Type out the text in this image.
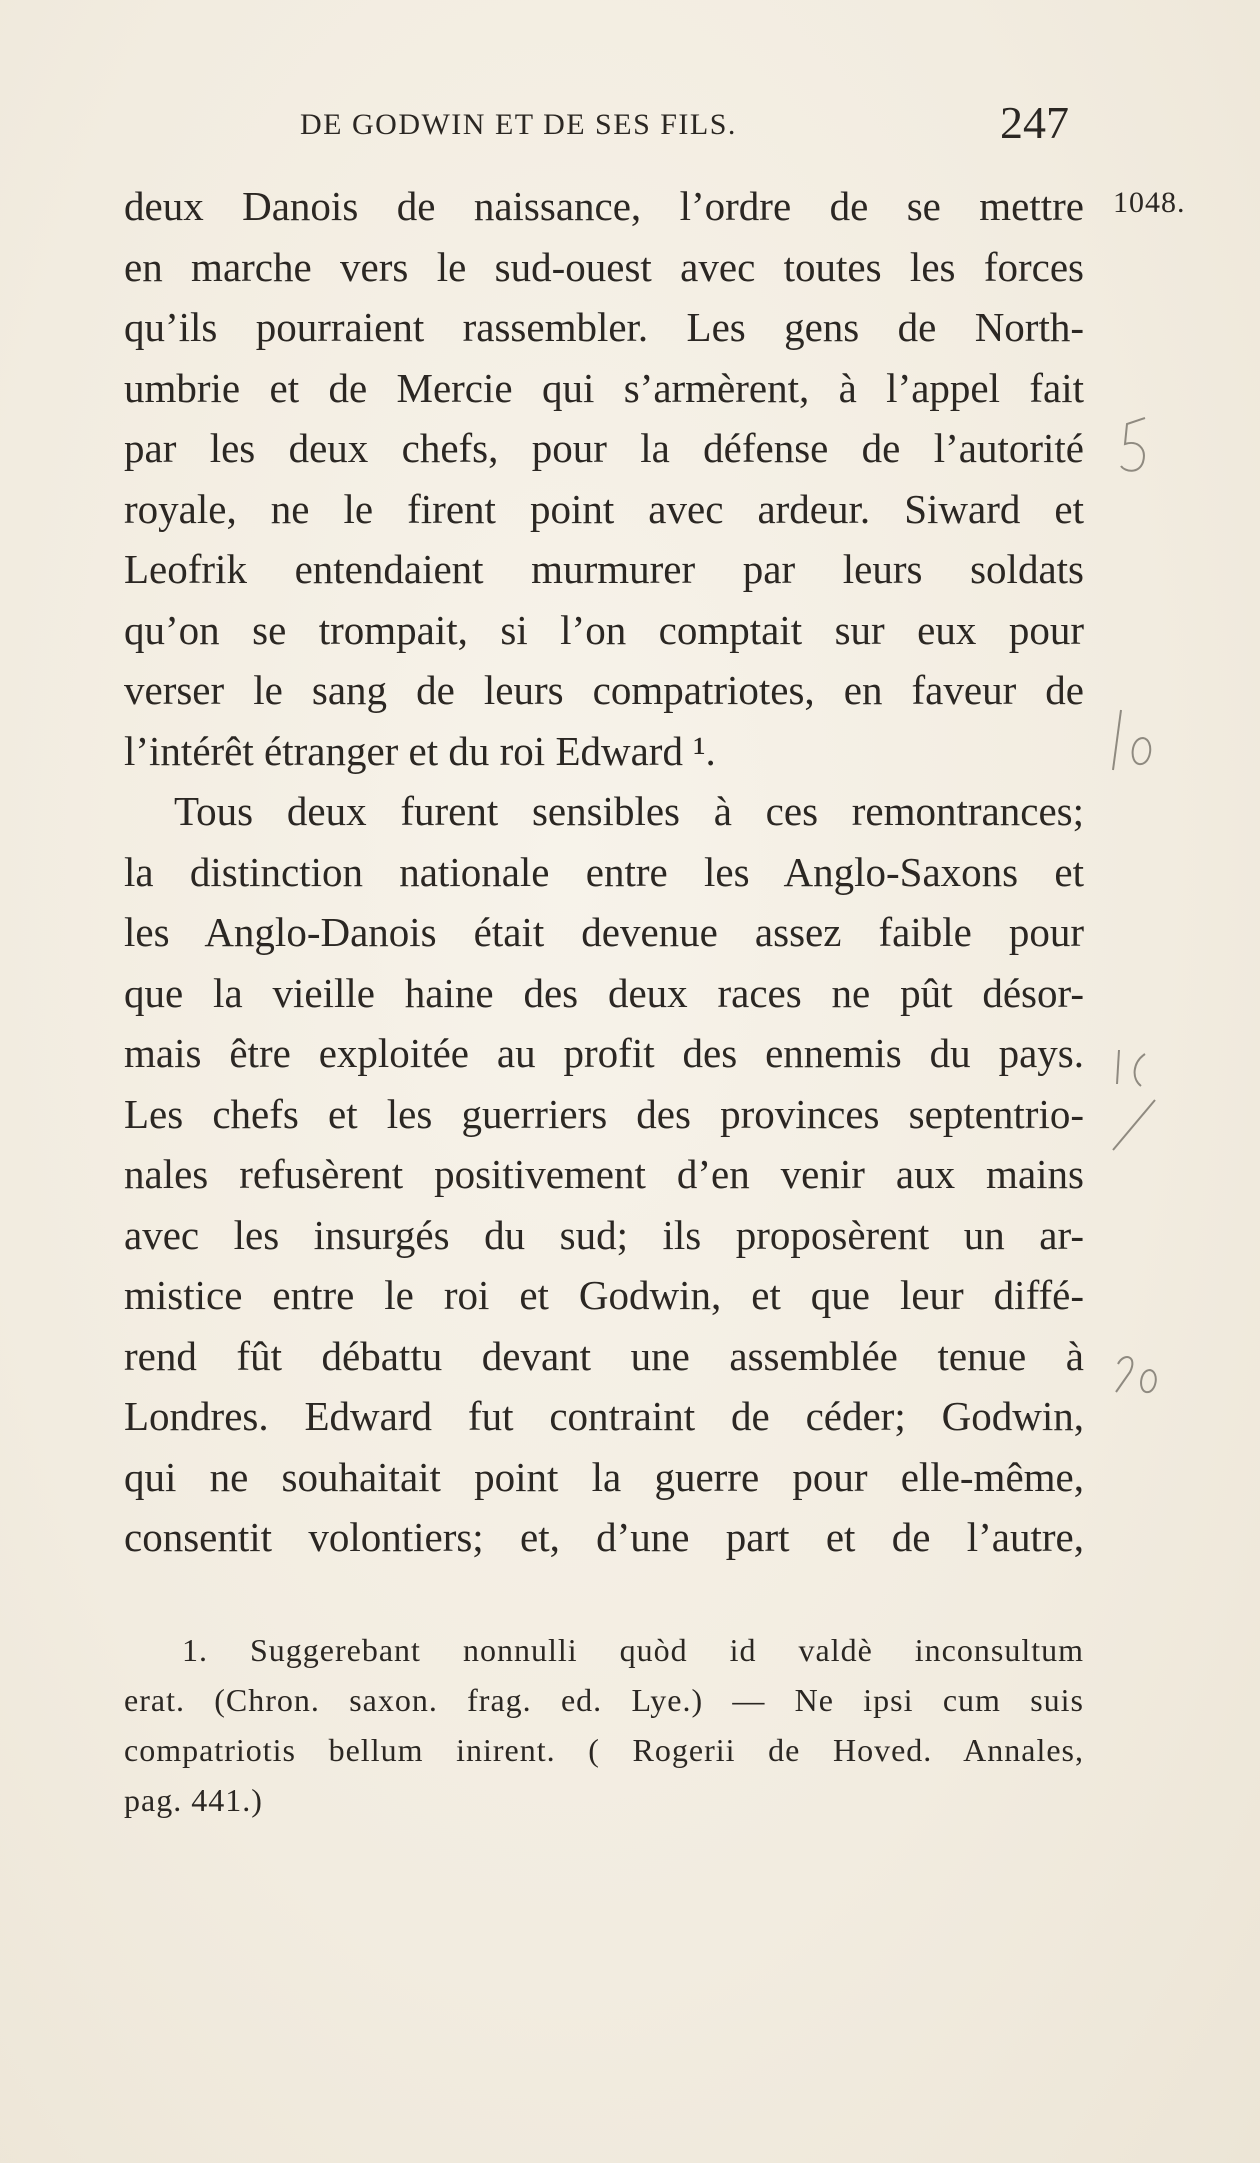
DE GODWIN ET DE SES FILS.	247
1048.
deux Danois de naissance, l’ordre de se mettre
en marche vers le sud-ouest avec toutes les forces
qu’ils pourraient rassembler. Les gens de North-
umbrie et de Mercie qui s’armèrent, à l’appel fait
par les deux chefs, pour la défense de l’autorité
royale, ne le firent point avec ardeur. Siward et
Leofrik entendaient murmurer par leurs soldats
qu’on se trompait, si l’on comptait sur eux pour
verser le sang de leurs compatriotes, en faveur de
l’intérêt étranger et du roi Edward ¹.
Tous deux furent sensibles à ces remontrances;
la distinction nationale entre les Anglo-Saxons et
les Anglo-Danois était devenue assez faible pour
que la vieille haine des deux races ne pût désor-
mais être exploitée au profit des ennemis du pays.
Les chefs et les guerriers des provinces septentrio-
nales refusèrent positivement d’en venir aux mains
avec les insurgés du sud; ils proposèrent un ar-
mistice entre le roi et Godwin, et que leur diffé-
rend fût débattu devant une assemblée tenue à
Londres. Edward fut contraint de céder; Godwin,
qui ne souhaitait point la guerre pour elle-même,
consentit volontiers; et, d’une part et de l’autre,
1. Suggerebant nonnulli quòd id valdè inconsultum
erat. (Chron. saxon. frag. ed. Lye.) — Ne ipsi cum suis
compatriotis bellum inirent. ( Rogerii de Hoved. Annales,
pag. 441.)
